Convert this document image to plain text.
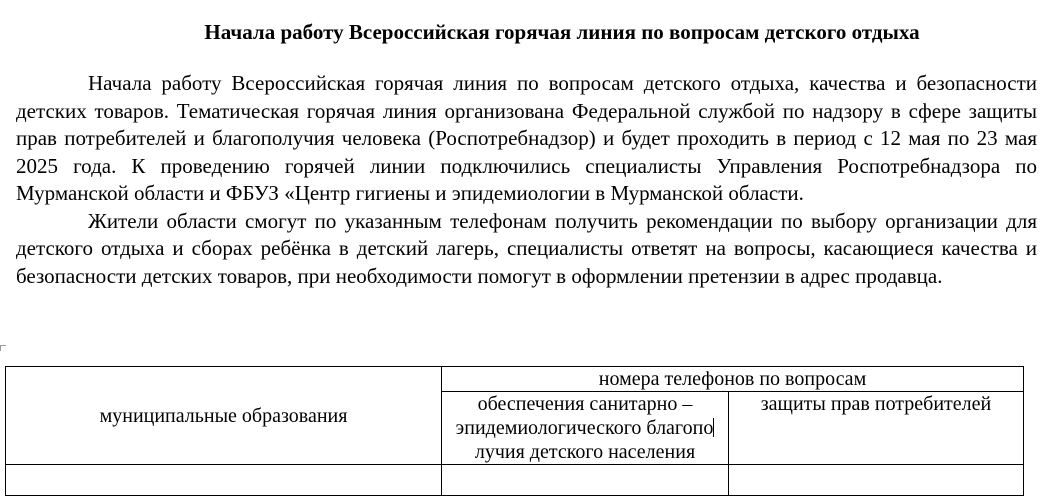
Начала работу Всероссийская горячая линия по вопросам детского отдыха

Начала работу Всероссийская горячая линия по вопросам детского отдыха, качества и безопасности детских товаров. Тематическая горячая линия организована Федеральной службой по надзору в сфере защиты прав потребителей и благополучия человека (Роспотребнадзор) и будет проходить в период с 12 мая по 23 мая 2025 года. К проведению горячей линии подключились специалисты Управления Роспотребнадзора по Мурманской области и ФБУЗ «Центр гигиены и эпидемиологии в Мурманской области.

Жители области смогут по указанным телефонам получить рекомендации по выбору организации для детского отдыха и сборах ребёнка в детский лагерь, специалисты ответят на вопросы, касающиеся качества и безопасности детских товаров, при необходимости помогут в оформлении претензии в адрес продавца.

муниципальные образования	номера телефонов по вопросам	
	обеспечения санитарно – эпидемиологического благополучия детского населения	защиты прав потребителей
